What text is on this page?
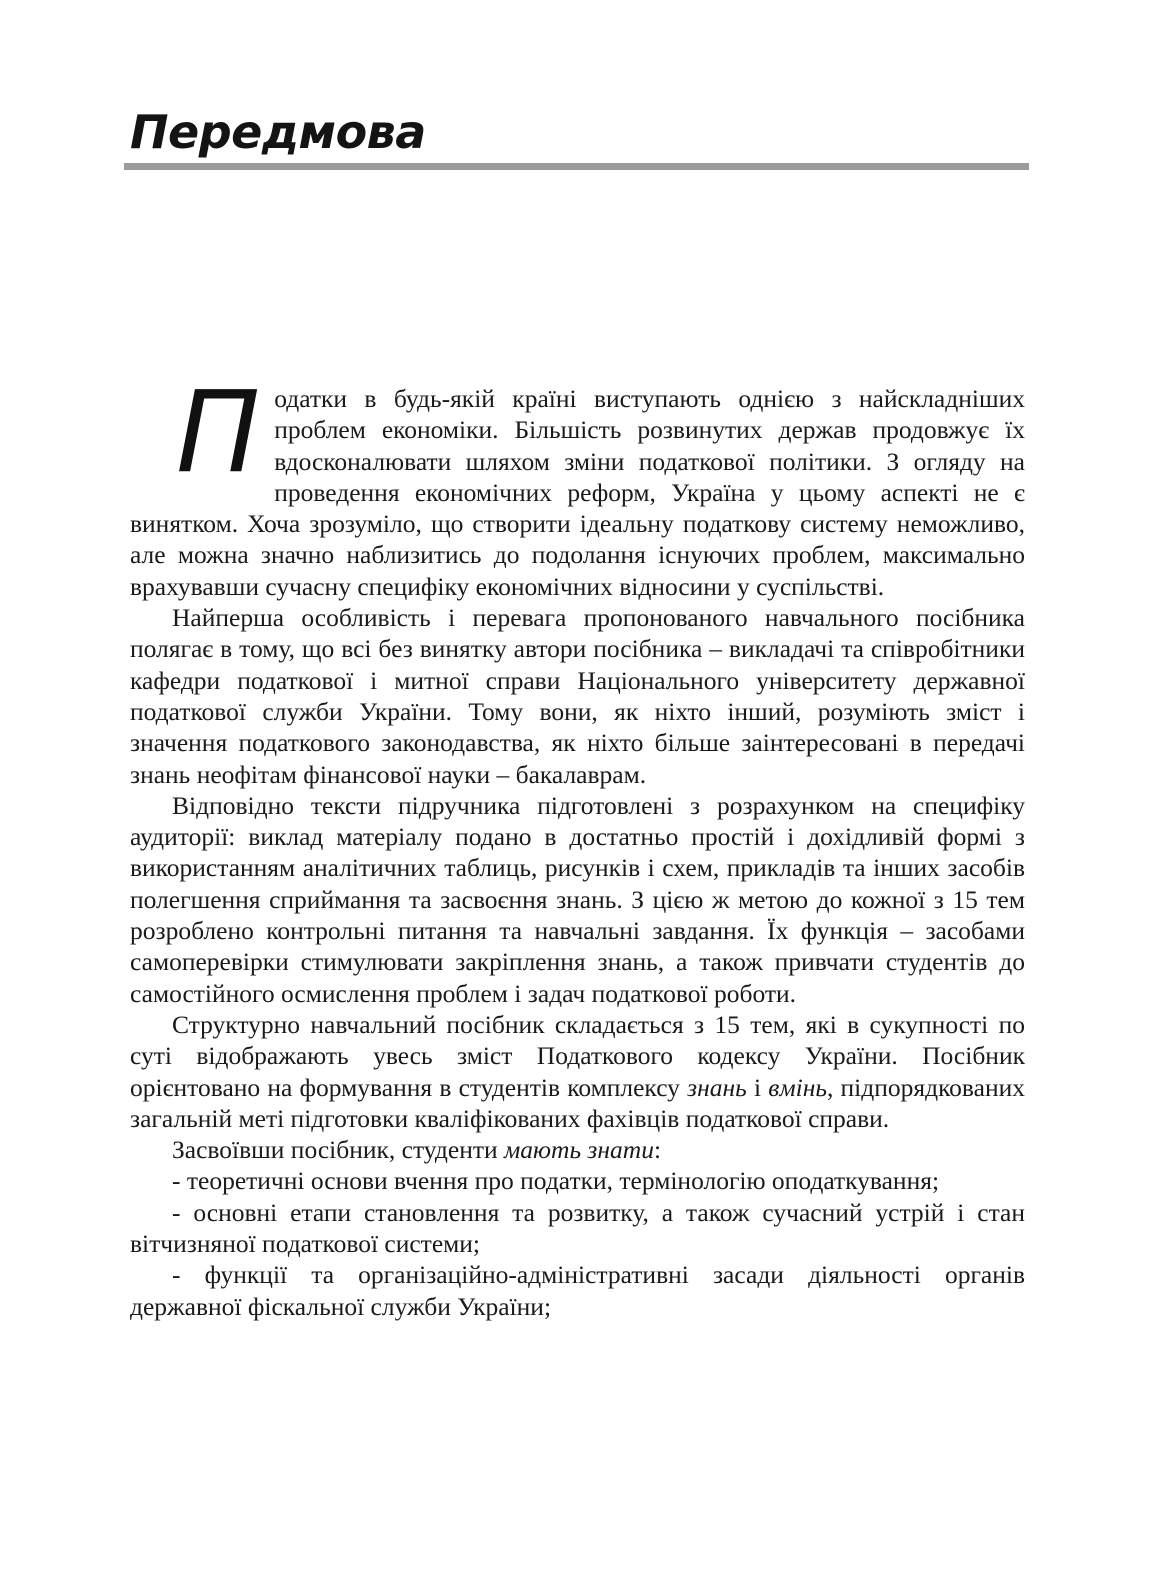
Передмова

Податки в будь-якій країні виступають однією з найскладніших проблем економіки. Більшість розвинутих держав продовжує їх вдосконалювати шляхом зміни податкової політики. З огляду на проведення економічних реформ, Україна у цьому аспекті не є винятком. Хоча зрозуміло, що створити ідеальну податкову систему неможливо, але можна значно наблизитись до подолання існуючих проблем, максимально врахувавши сучасну специфіку економічних відносини у суспільстві.

Найперша особливість і перевага пропонованого навчального посібника полягає в тому, що всі без винятку автори посібника – викладачі та співробітники кафедри податкової і митної справи Національного університету державної податкової служби України. Тому вони, як ніхто інший, розуміють зміст і значення податкового законодавства, як ніхто більше заінтересовані в передачі знань неофітам фінансової науки – бакалаврам.

Відповідно тексти підручника підготовлені з розрахунком на специфіку аудиторії: виклад матеріалу подано в достатньо простій і дохідливій формі з використанням аналітичних таблиць, рисунків і схем, прикладів та інших засобів полегшення сприймання та засвоєння знань. З цією ж метою до кожної з 15 тем розроблено контрольні питання та навчальні завдання. Їх функція – засобами самоперевірки стимулювати закріплення знань, а також привчати студентів до самостійного осмислення проблем і задач податкової роботи.

Структурно навчальний посібник складається з 15 тем, які в сукупності по суті відображають увесь зміст Податкового кодексу України. Посібник орієнтовано на формування в студентів комплексу знань і вмінь, підпорядкованих загальній меті підготовки кваліфікованих фахівців податкової справи.

Засвоївши посібник, студенти мають знати:

- теоретичні основи вчення про податки, термінологію оподаткування;

- основні етапи становлення та розвитку, а також сучасний устрій і стан вітчизняної податкової системи;

- функції та організаційно-адміністративні засади діяльності органів державної фіскальної служби України;
